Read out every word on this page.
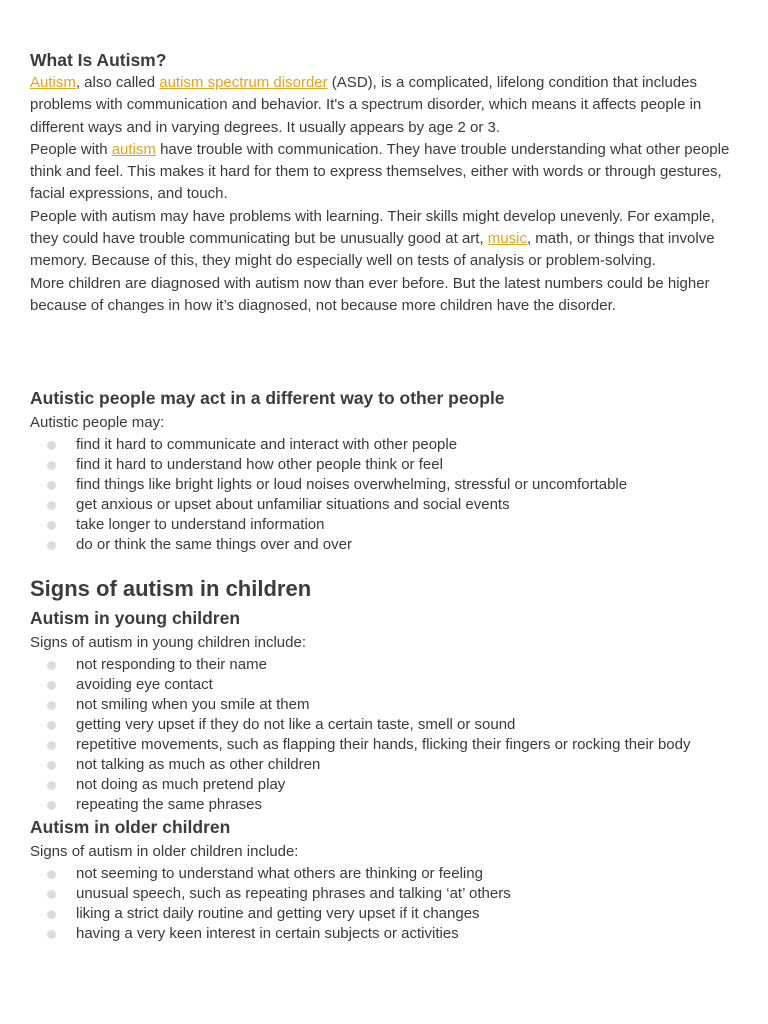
What Is Autism?

Autism, also called autism spectrum disorder (ASD), is a complicated, lifelong condition that includes problems with communication and behavior. It's a spectrum disorder, which means it affects people in different ways and in varying degrees. It usually appears by age 2 or 3.

People with autism have trouble with communication. They have trouble understanding what other people think and feel. This makes it hard for them to express themselves, either with words or through gestures, facial expressions, and touch.

People with autism may have problems with learning. Their skills might develop unevenly. For example, they could have trouble communicating but be unusually good at art, music, math, or things that involve memory. Because of this, they might do especially well on tests of analysis or problem-solving.

More children are diagnosed with autism now than ever before. But the latest numbers could be higher because of changes in how it’s diagnosed, not because more children have the disorder.

Autistic people may act in a different way to other people

Autistic people may:

find it hard to communicate and interact with other people
find it hard to understand how other people think or feel
find things like bright lights or loud noises overwhelming, stressful or uncomfortable
get anxious or upset about unfamiliar situations and social events
take longer to understand information
do or think the same things over and over
Signs of autism in children
Autism in young children

Signs of autism in young children include:

not responding to their name
avoiding eye contact
not smiling when you smile at them
getting very upset if they do not like a certain taste, smell or sound
repetitive movements, such as flapping their hands, flicking their fingers or rocking their body
not talking as much as other children
not doing as much pretend play
repeating the same phrases
Autism in older children

Signs of autism in older children include:

not seeming to understand what others are thinking or feeling
unusual speech, such as repeating phrases and talking ‘at’ others
liking a strict daily routine and getting very upset if it changes
having a very keen interest in certain subjects or activities
